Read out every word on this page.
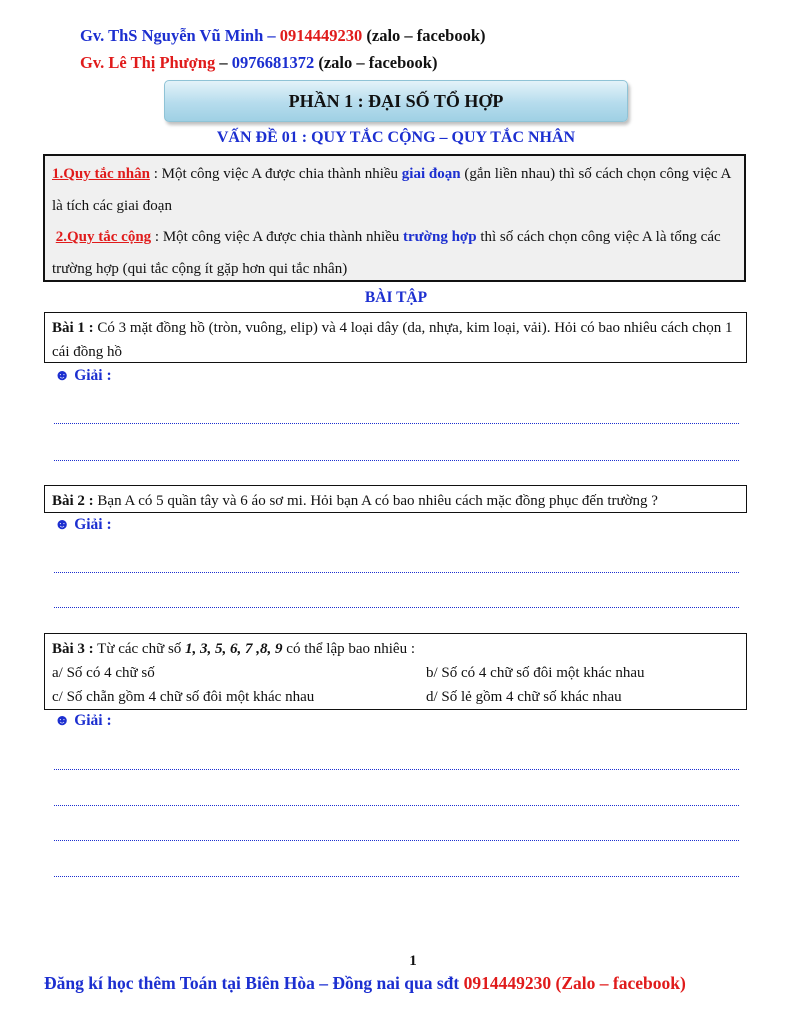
Gv. ThS Nguyễn Vũ Minh – 0914449230 (zalo – facebook)
Gv. Lê Thị Phượng – 0976681372 (zalo – facebook)
PHẦN 1 : ĐẠI SỐ TỔ HỢP
VẤN ĐỀ 01 : QUY TẮC CỘNG – QUY TẮC NHÂN
1.Quy tắc nhân : Một công việc A được chia thành nhiều giai đoạn (gắn liền nhau) thì số cách chọn công việc A là tích các giai đoạn
2.Quy tắc cộng : Một công việc A được chia thành nhiều trường hợp thì số cách chọn công việc A là tổng các trường hợp (qui tắc cộng ít gặp hơn qui tắc nhân)
BÀI TẬP
Bài 1 : Có 3 mặt đồng hồ (tròn, vuông, elip) và 4 loại dây (da, nhựa, kim loại, vải). Hỏi có bao nhiêu cách chọn 1 cái đồng hồ
☻ Giải :
Bài 2 : Bạn A có 5 quần tây và 6 áo sơ mi. Hỏi bạn A có bao nhiêu cách mặc đồng phục đến trường ?
☻ Giải :
Bài 3 : Từ các chữ số 1, 3, 5, 6, 7 ,8, 9 có thể lập bao nhiêu :
a/ Số có 4 chữ số	b/ Số có 4 chữ số đôi một khác nhau
c/ Số chẵn gồm 4 chữ số đôi một khác nhau	d/ Số lẻ gồm 4 chữ số khác nhau
☻ Giải :
1
Đăng kí học thêm Toán tại Biên Hòa – Đồng nai qua sđt 0914449230 (Zalo – facebook)
